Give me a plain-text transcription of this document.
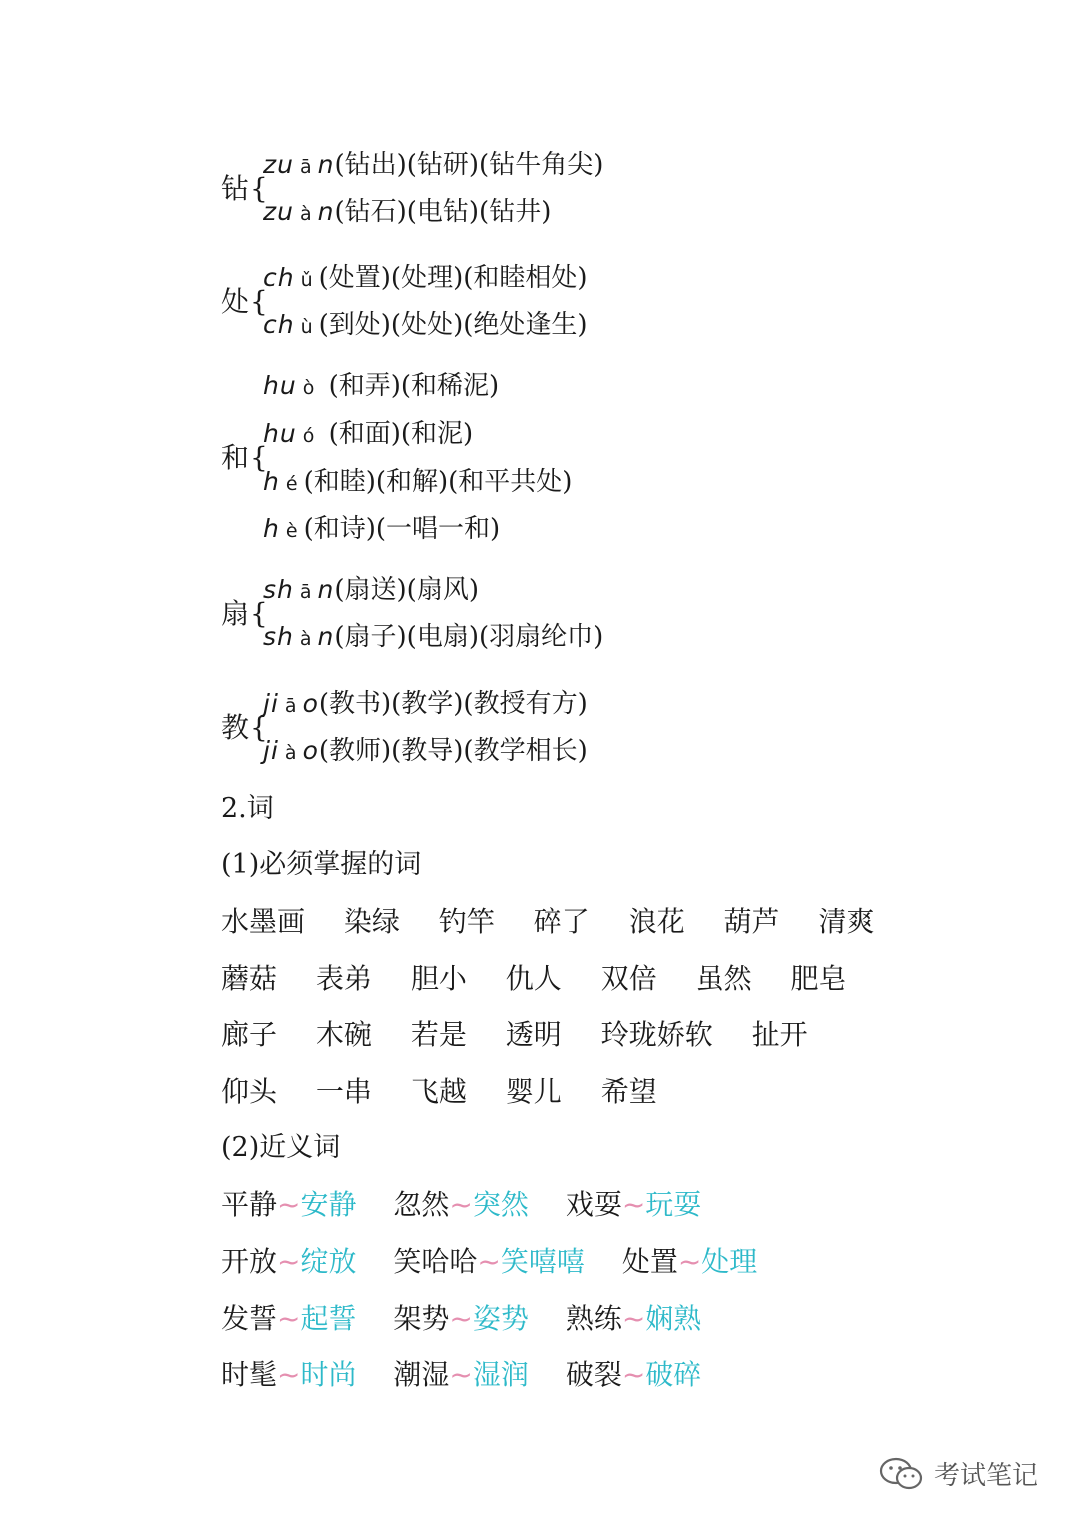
钻 {
zu ā n(钻出)(钻研)(钻牛角尖)
zu à n(钻石)(电钻)(钻井)
处 {
ch ǔ (处置)(处理)(和睦相处)
ch ù (到处)(处处)(绝处逢生)
和 {
hu ò (和弄)(和稀泥)
hu ó (和面)(和泥)
h é (和睦)(和解)(和平共处)
h è (和诗)(一唱一和)
扇 {
sh ā n(扇送)(扇风)
sh à n(扇子)(电扇)(羽扇纶巾)
教 {
ji ā o(教书)(教学)(教授有方)
ji à o(教师)(教导)(教学相长)
2.词
(1)必须掌握的词
水墨画 染绿 钓竿 碎了 浪花 葫芦 清爽
蘑菇 表弟 胆小 仇人 双倍 虽然 肥皂
廊子 木碗 若是 透明 玲珑娇软 扯开
仰头 一串 飞越 婴儿 希望
(2)近义词
平静~安静 忽然~突然 戏耍~玩耍
开放~绽放 笑哈哈~笑嘻嘻 处置~处理
发誓~起誓 架势~姿势 熟练~娴熟
时髦~时尚 潮湿~湿润 破裂~破碎
考试笔记
